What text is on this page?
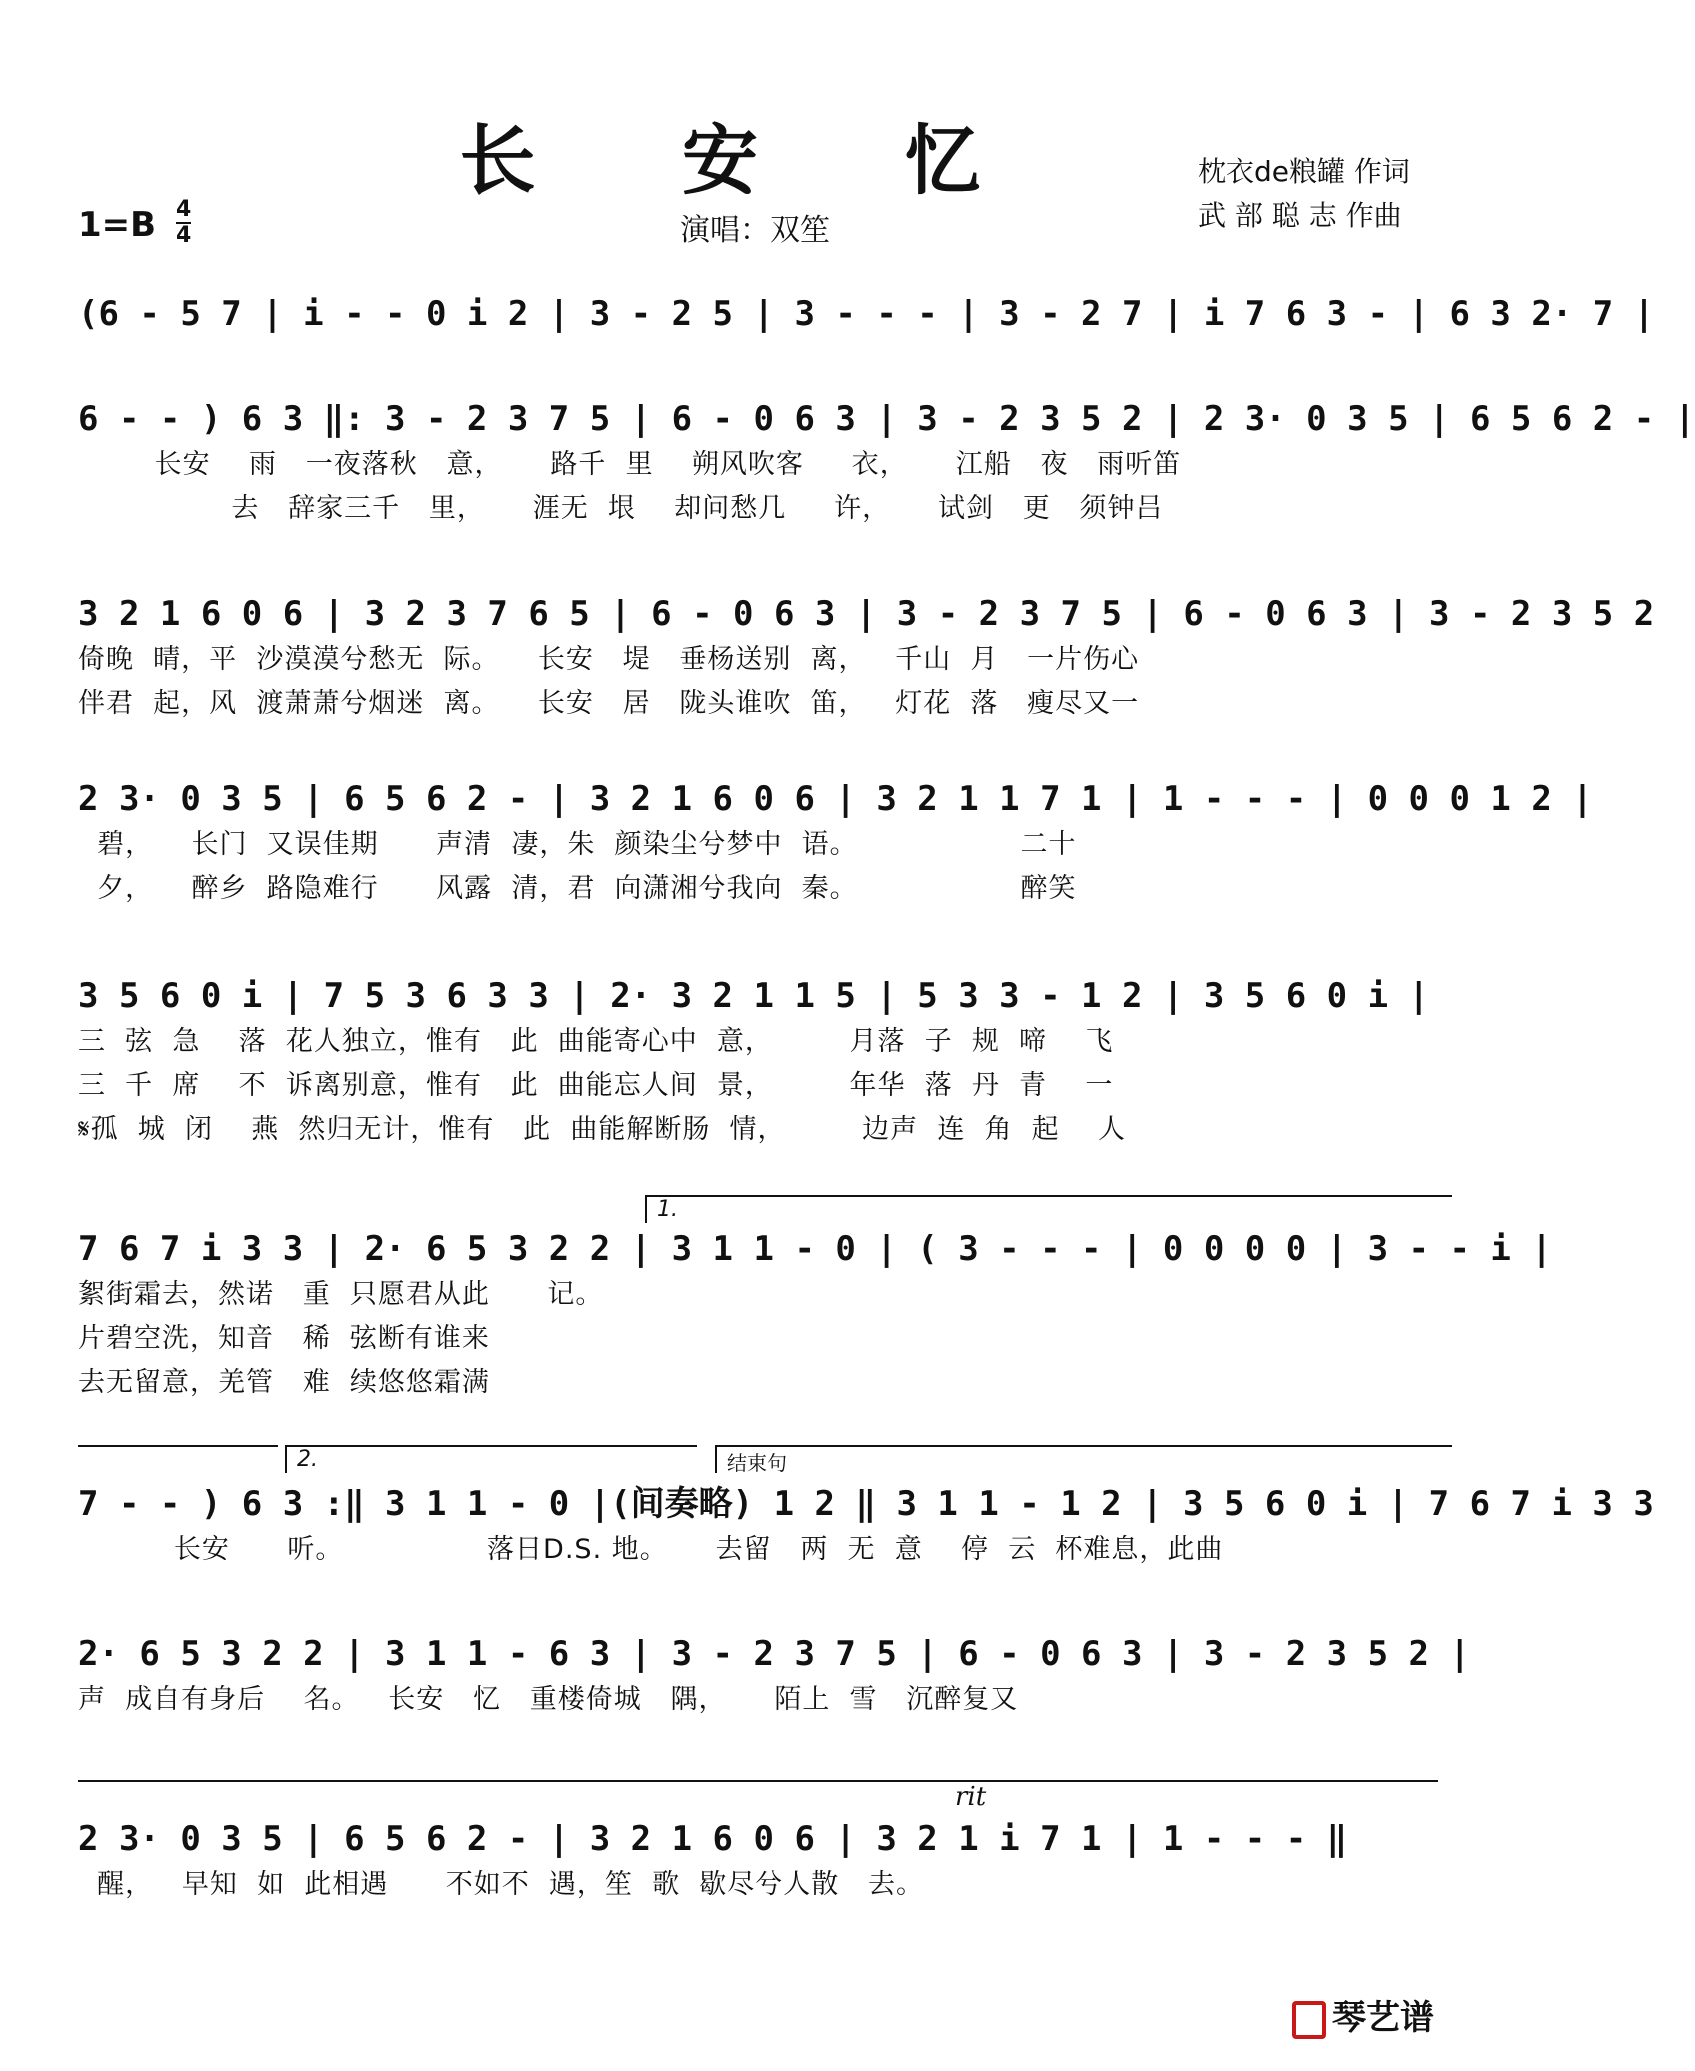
长 安 忆	枕衣de粮罐 作词
武 部 聪 志 作曲
1=B 4
4	演唱：双笙
(6 - 5 7 | i - - 0 i 2 | 3 - 2 5 | 3 - - - | 3 - 2 7 | i 7 6 3 - | 6 3 2· 7 |
6 - - ) 6 3 ‖: 3 - 2 3 7 5 | 6 - 0 6 3 | 3 - 2 3 5 2 | 2 3· 0 3 5 | 6 5 6 2 - |
长安    雨   一夜落秋   意，     路千  里    朔风吹客     衣，     江船   夜   雨听笛
去   辞家三千   里，     涯无  垠    却问愁几     许，     试剑   更   须钟吕
3 2 1 6 0 6 | 3 2 3 7 6 5 | 6 - 0 6 3 | 3 - 2 3 7 5 | 6 - 0 6 3 | 3 - 2 3 5 2
倚晚  晴，平  沙漠漠兮愁无  际。    长安   堤   垂杨送别  离，   千山  月   一片伤心
伴君  起，风  渡萧萧兮烟迷  离。    长安   居   陇头谁吹  笛，   灯花  落   瘦尽又一
2 3· 0 3 5 | 6 5 6 2 - | 3 2 1 6 0 6 | 3 2 1 1 7 1 | 1 - - - | 0 0 0 1 2 |
碧，    长门  又误佳期      声清  凄，朱  颜染尘兮梦中  语。                 二十
夕，    醉乡  路隐难行      风露  清，君  向潇湘兮我向  秦。                 醉笑
3 5 6 0 i | 7 5 3 6 3 3 | 2· 3 2 1 1 5 | 5 3 3 - 1 2 | 3 5 6 0 i |
三  弦  急    落  花人独立，惟有   此  曲能寄心中  意，        月落  子  规  啼    飞
三  千  席    不  诉离别意，惟有   此  曲能忘人间  景，        年华  落  丹  青    一
𝄋孤  城  闭    燕  然归无计，惟有   此  曲能解断肠  情，        边声  连  角  起    人
1.
7 6 7 i 3 3 | 2· 6 5 3 2 2 | 3 1 1 - 0 | ( 3 - - - | 0 0 0 0 | 3 - - i |
絮街霜去，然诺   重  只愿君从此      记。
片碧空洗，知音   稀  弦断有谁来
去无留意，羌管   难  续悠悠霜满
2.	结束句
7 - - ) 6 3 :‖ 3 1 1 - 0 |(间奏略) 1 2 ‖ 3 1 1 - 1 2 | 3 5 6 0 i | 7 6 7 i 3 3
长安      听。               落日D.S. 地。     去留   两  无  意    停  云  杯难息，此曲
2· 6 5 3 2 2 | 3 1 1 - 6 3 | 3 - 2 3 7 5 | 6 - 0 6 3 | 3 - 2 3 5 2 |
声  成自有身后    名。   长安   忆   重楼倚城   隅，     陌上  雪   沉醉复又
rit
2 3· 0 3 5 | 6 5 6 2 - | 3 2 1 6 0 6 | 3 2 1 i 7 1 | 1 - - - ‖
醒，   早知  如  此相遇      不如不  遇，笙  歌  歇尽兮人散   去。
琴艺谱
